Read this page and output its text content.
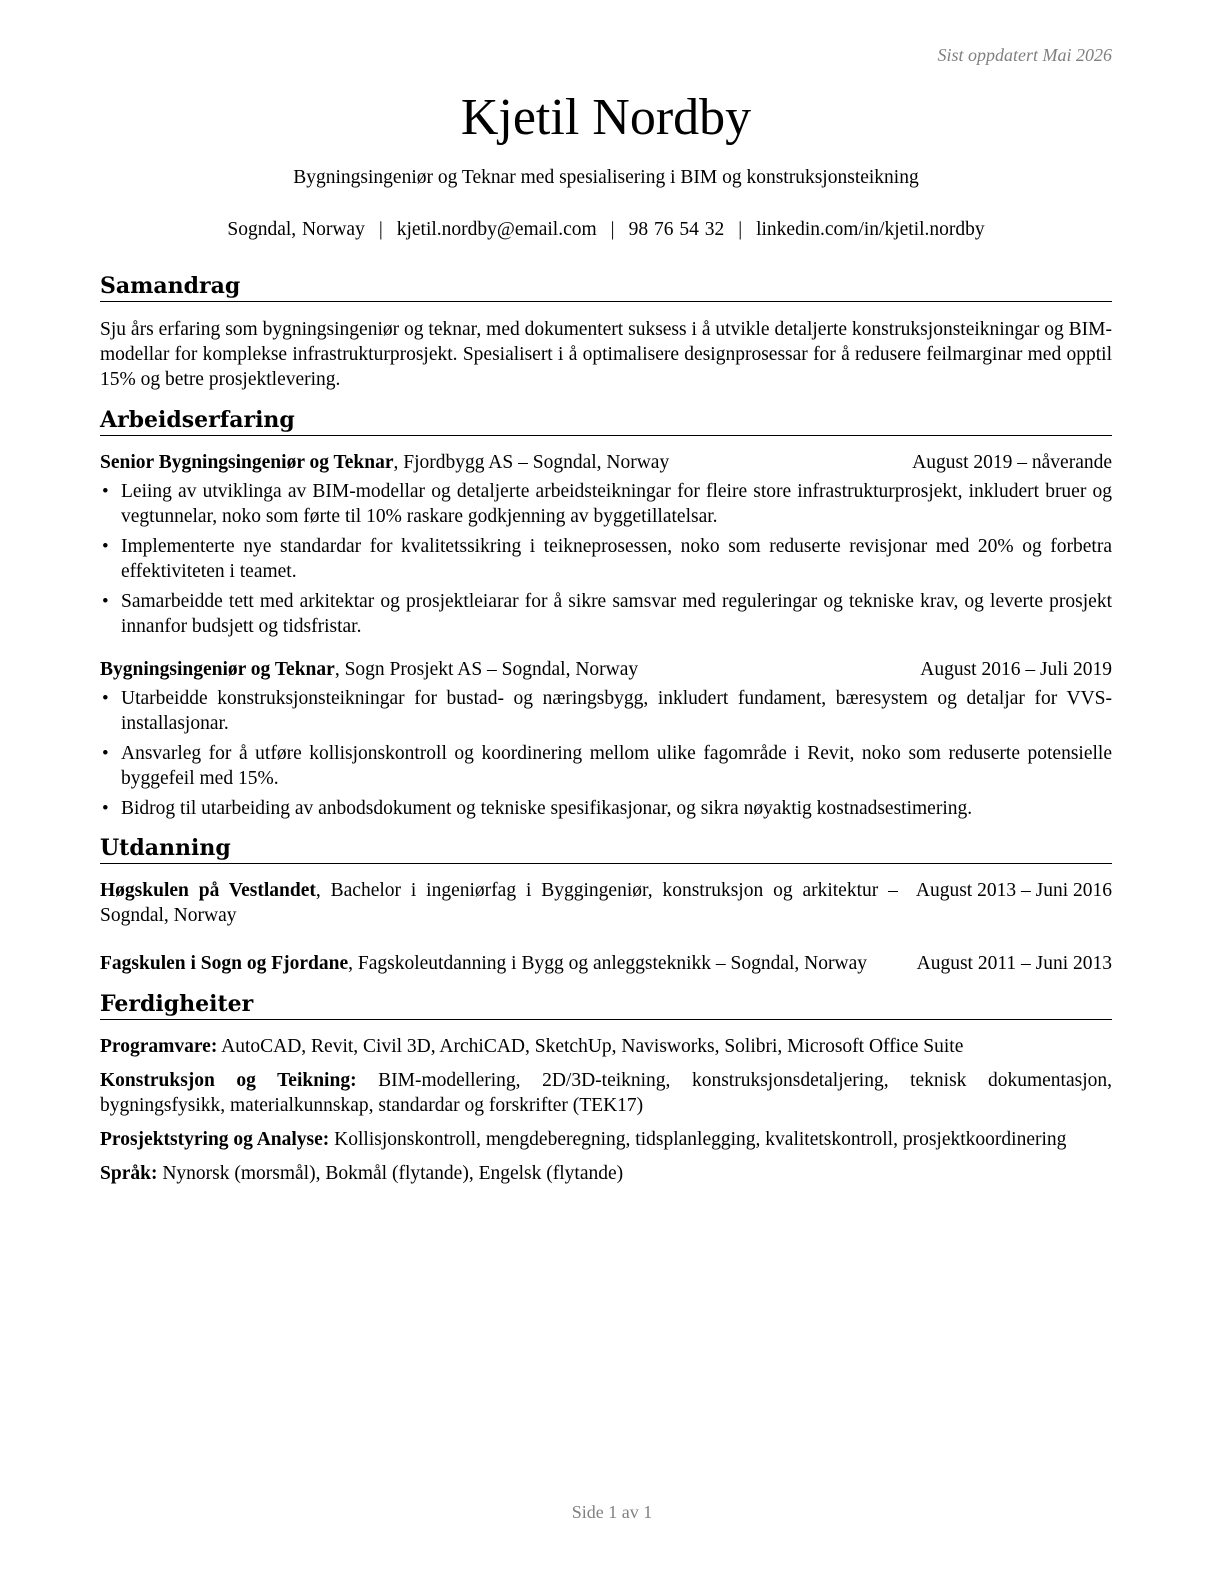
Sist oppdatert Mai 2026
Kjetil Nordby
Bygningsingeniør og Teknar med spesialisering i BIM og konstruksjonsteikning
Sogndal, Norway | kjetil.nordby@email.com | 98 76 54 32 | linkedin.com/in/kjetil.nordby
Samandrag
Sju års erfaring som bygningsingeniør og teknar, med dokumentert suksess i å utvikle detaljerte konstruksjonsteikningar og BIM-modellar for komplekse infrastrukturprosjekt. Spesialisert i å optimalisere designprosessar for å redusere feilmarginar med opptil 15% og betre prosjektlevering.
Arbeidserfaring
Senior Bygningsingeniør og Teknar, Fjordbygg AS – Sogndal, Norway	August 2019 – nåverande
• Leiing av utviklinga av BIM-modellar og detaljerte arbeidsteikningar for fleire store infrastrukturprosjekt, inkludert bruer og vegtunnelar, noko som førte til 10% raskare godkjenning av byggetillatelsar.
• Implementerte nye standardar for kvalitetssikring i teikneprosessen, noko som reduserte revisjonar med 20% og forbetra effektiviteten i teamet.
• Samarbeidde tett med arkitektar og prosjektleiarar for å sikre samsvar med reguleringar og tekniske krav, og leverte prosjekt innanfor budsjett og tidsfristar.
Bygningsingeniør og Teknar, Sogn Prosjekt AS – Sogndal, Norway	August 2016 – Juli 2019
• Utarbeidde konstruksjonsteikningar for bustad- og næringsbygg, inkludert fundament, bæresystem og detaljar for VVS-installasjonar.
• Ansvarleg for å utføre kollisjonskontroll og koordinering mellom ulike fagområde i Revit, noko som reduserte potensielle byggefeil med 15%.
• Bidrog til utarbeiding av anbodsdokument og tekniske spesifikasjonar, og sikra nøyaktig kostnadsestimering.
Utdanning
Høgskulen på Vestlandet, Bachelor i ingeniørfag i Byggingeniør, konstruksjon og arkitektur – Sogndal, Norway
August 2013 – Juni 2016
Fagskulen i Sogn og Fjordane, Fagskoleutdanning i Bygg og anleggsteknikk – Sogndal, Norway	August 2011 – Juni 2013
Ferdigheiter
Programvare: AutoCAD, Revit, Civil 3D, ArchiCAD, SketchUp, Navisworks, Solibri, Microsoft Office Suite
Konstruksjon og Teikning: BIM-modellering, 2D/3D-teikning, konstruksjonsdetaljering, teknisk dokumentasjon, bygningsfysikk, materialkunnskap, standardar og forskrifter (TEK17)
Prosjektstyring og Analyse: Kollisjonskontroll, mengdeberegning, tidsplanlegging, kvalitetskontroll, prosjektkoordinering
Språk: Nynorsk (morsmål), Bokmål (flytande), Engelsk (flytande)
Side 1 av 1
